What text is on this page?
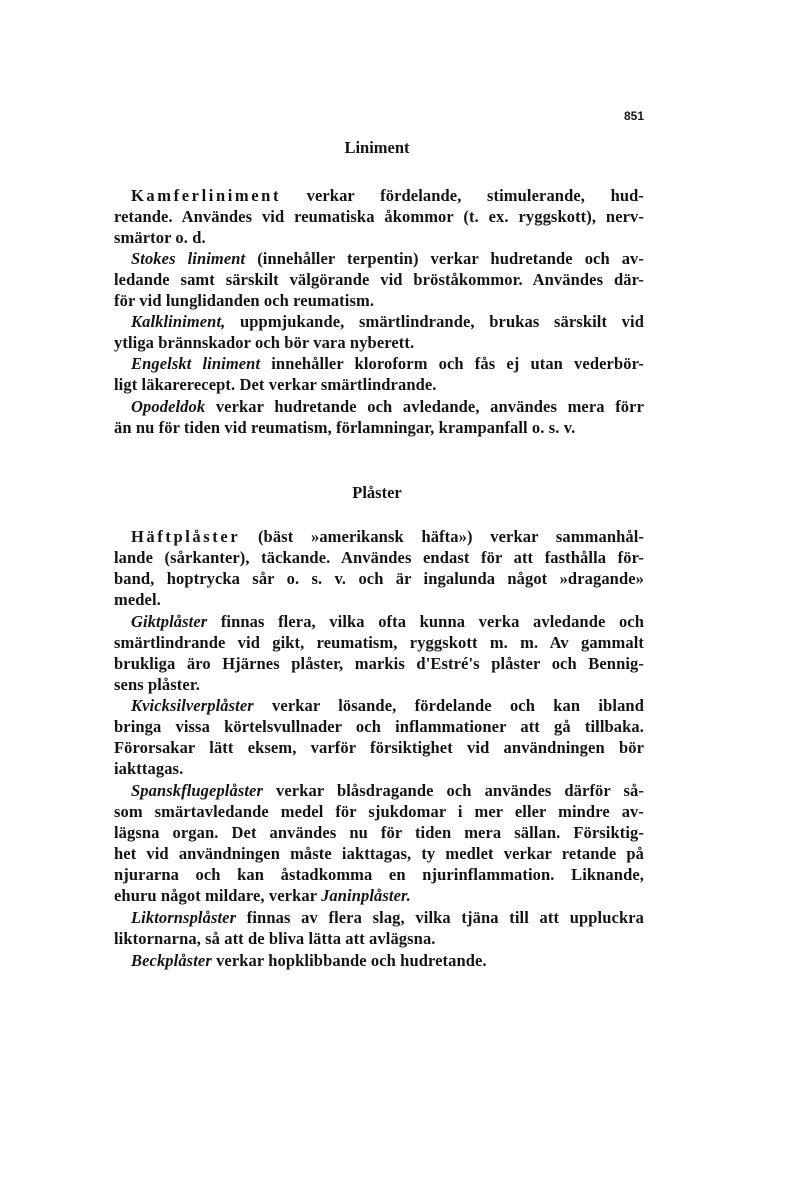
851
Liniment
Kamferliniment verkar fördelande, stimulerande, hud-
retande. Användes vid reumatiska åkommor (t. ex. ryggskott), nerv-
smärtor o. d.
Stokes liniment (innehåller terpentin) verkar hudretande och av-
ledande samt särskilt välgörande vid bröståkommor. Användes där-
för vid lunglidanden och reumatism.
Kalkliniment, uppmjukande, smärtlindrande, brukas särskilt vid
ytliga brännskador och bör vara nyberett.
Engelskt liniment innehåller kloroform och fås ej utan vederbör-
ligt läkarerecept. Det verkar smärtlindrande.
Opodeldok verkar hudretande och avledande, användes mera förr
än nu för tiden vid reumatism, förlamningar, krampanfall o. s. v.
Plåster
Häftplåster (bäst »amerikansk häfta») verkar sammanhål-
lande (sårkanter), täckande. Användes endast för att fasthålla för-
band, hoptrycka sår o. s. v. och är ingalunda något »dragande»
medel.
Giktplåster finnas flera, vilka ofta kunna verka avledande och
smärtlindrande vid gikt, reumatism, ryggskott m. m. Av gammalt
brukliga äro Hjärnes plåster, markis d'Estré's plåster och Bennig-
sens plåster.
Kvicksilverplåster verkar lösande, fördelande och kan ibland
bringa vissa körtelsvullnader och inflammationer att gå tillbaka.
Förorsakar lätt eksem, varför försiktighet vid användningen bör
iakttagas.
Spanskflugeplåster verkar blåsdragande och användes därför så-
som smärtavledande medel för sjukdomar i mer eller mindre av-
lägsna organ. Det användes nu för tiden mera sällan. Försiktig-
het vid användningen måste iakttagas, ty medlet verkar retande på
njurarna och kan åstadkomma en njurinflammation. Liknande,
ehuru något mildare, verkar Janinplåster.
Liktornsplåster finnas av flera slag, vilka tjäna till att uppluckra
liktornarna, så att de bliva lätta att avlägsna.
Beckplåster verkar hopklibbande och hudretande.
